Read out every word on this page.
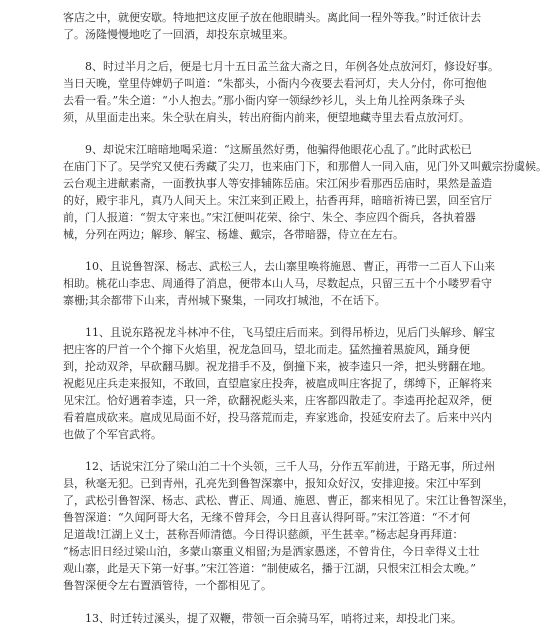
客店之中，就便安歇。特地把这皮匣子放在他眼睛头。离此间一程外等我。”时迁依计去
了。汤隆慢慢地吃了一回酒，却投东京城里来。
8、时过半月之后，便是七月十五日孟兰盆大斋之日，年例各处点放河灯，修设好事。
当日天晚，堂里侍婢奶子叫道：“朱都头，小衙内今夜要去看河灯，夫人分付，你可抱他
去看一看。”朱仝道：“小人抱去。”那小衙内穿一领绿纱衫儿，头上角儿拴两条珠子头
须，从里面走出来。朱仝驮在肩头，转出府衙内前来，便望地藏寺里去看点放河灯。
9、却说宋江暗暗地喝采道：“这厮虽然好勇，他骗得他眼花心乱了。”此时武松已
在庙门下了。吴学究又使石秀藏了尖刀，也来庙门下，和那僧人一同入庙，见门外又叫戴宗扮虞候。
云台观主进献素斋，一面教执事人等安排辅陈岳庙。宋江闲步看那西岳庙时，果然是盖造
的好，殿宇非凡，真乃人间天上。宋江来到正殿上，拈香再拜，暗暗祈祷已罢，回至官厅
前，门人报道：“贺太守来也。”宋江便叫花荣、徐宁、朱仝、李应四个衙兵，各执着器
械，分列在两边；解珍、解宝、杨雄、戴宗，各带暗器，侍立在左右。
10、且说鲁智深、杨志、武松三人，去山寨里唤将施恩、曹正，再带一二百人下山来
相助。桃花山李忠、周通得了消息，便带本山人马，尽数起点，只留三五十个小喽罗看守
寨栅;其余都带下山来，青州城下聚集，一同攻打城池，不在话下。
11、且说东路祝龙斗林冲不住，飞马望庄后而来。到得吊桥边，见后门头解珍、解宝
把庄客的尸首一个个撺下火焰里，祝龙急回马，望北而走。猛然撞着黑旋风，踊身便
到，抡动双斧，早砍翻马脚。祝龙措手不及，倒撞下来，被李逵只一斧，把头劈翻在地。
祝彪见庄兵走来报知，不敢回，直望扈家庄投奔，被扈成叫庄客捉了，绑缚下，正解将来
见宋江。恰好遇着李逵，只一斧，砍翻祝彪头来，庄客都四散走了。李逵再抡起双斧，便
看着扈成砍来。扈成见局面不好，投马落荒而走，弃家逃命，投延安府去了。后来中兴内
也做了个军官武将。
12、话说宋江分了梁山泊二十个头领，三千人马，分作五军前进，于路无事，所过州
县，秋毫无犯。已到青州，孔亮先到鲁智深寨中，报知众好汉，安排迎接。宋江中军到
了，武松引鲁智深、杨志、武松、曹正、周通、施恩、曹正，都来相见了。宋江让鲁智深坐，
鲁智深道：“久闻阿哥大名，无缘不曾拜会，今日且喜认得阿哥。”宋江答道：“不才何
足道哉!江湖上义士，甚称吾师清德。今日得识慈颜，平生甚幸。”杨志起身再拜道：
“杨志旧日经过梁山泊，多蒙山寨重义相留;为是洒家愚迷，不曾肯住，今日幸得义士壮
观山寨，此是天下第一好事。”宋江答道：“制使威名，播于江湖，只恨宋江相会太晚。”
鲁智深便令左右置酒管待，一个都相见了。
13、时迁转过溪头，提了双鞭，带领一百余骑马军，哨将过来，却投北门来。
